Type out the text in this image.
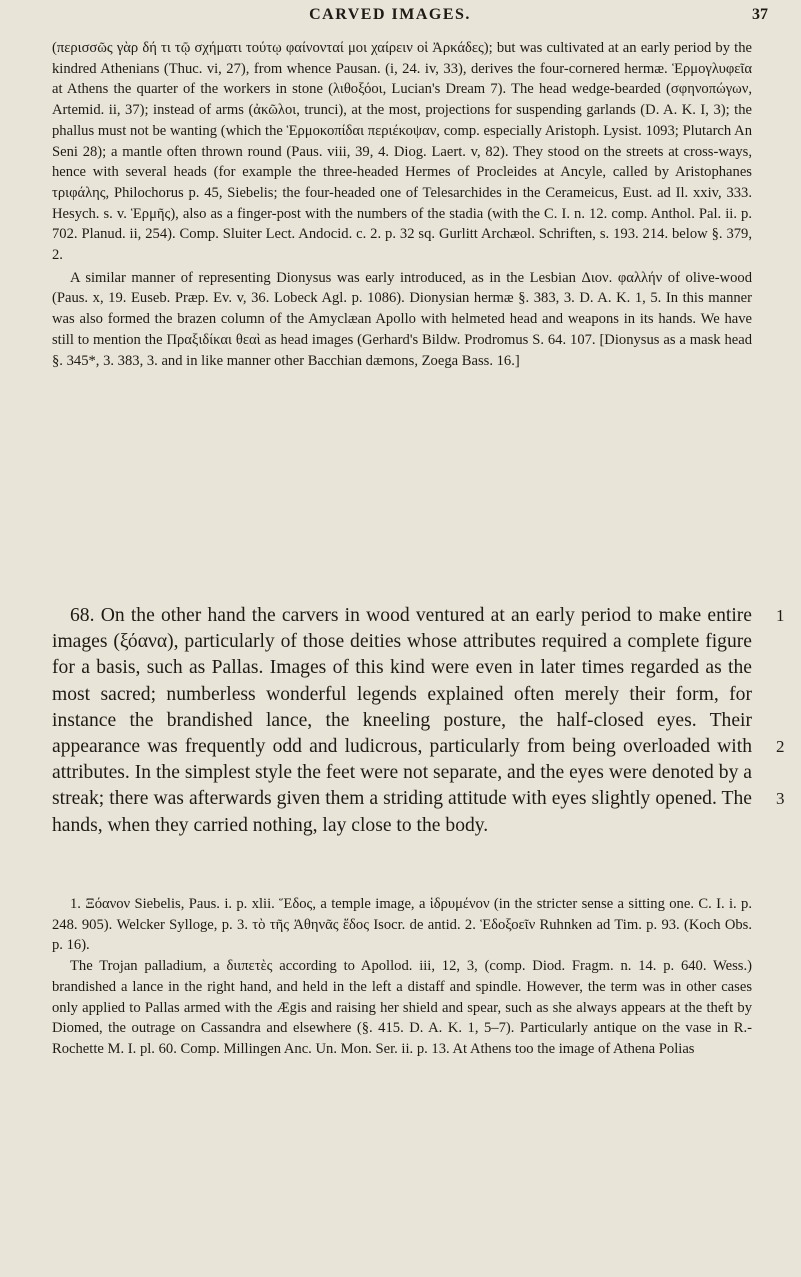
CARVED IMAGES.	37

(περισσῶς γὰρ δή τι τῷ σχήματι τούτῳ φαίνονταί μοι χαίρειν οἱ Ἀρκάδες); but was cultivated at an early period by the kindred Athenians (Thuc. vi, 27), from whence Pausan. (i, 24. iv, 33), derives the four-cornered hermæ. Ἑρμογλυφεῖα at Athens the quarter of the workers in stone (λιθοξόοι, Lucian's Dream 7). The head wedge-bearded (σφηνοπώγων, Artemid. ii, 37); instead of arms (ἀκῶλοι, trunci), at the most, projections for suspending garlands (D. A. K. I, 3); the phallus must not be wanting (which the Ἑρμοκοπίδαι περιέκοψαν, comp. especially Aristoph. Lysist. 1093; Plutarch An Seni 28); a mantle often thrown round (Paus. viii, 39, 4. Diog. Laert. v, 82). They stood on the streets at cross-ways, hence with several heads (for example the three-headed Hermes of Procleides at Ancyle, called by Aristophanes τριφάλης, Philochorus p. 45, Siebelis; the four-headed one of Telesarchides in the Cerameicus, Eust. ad Il. xxiv, 333. Hesych. s. v. Ἑρμῆς), also as a finger-post with the numbers of the stadia (with the C. I. n. 12. comp. Anthol. Pal. ii. p. 702. Planud. ii, 254). Comp. Sluiter Lect. Andocid. c. 2. p. 32 sq. Gurlitt Archæol. Schriften, s. 193. 214. below §. 379, 2.

A similar manner of representing Dionysus was early introduced, as in the Lesbian Διον. φαλλήν of olive-wood (Paus. x, 19. Euseb. Præp. Ev. v, 36. Lobeck Agl. p. 1086). Dionysian hermæ §. 383, 3. D. A. K. 1, 5. In this manner was also formed the brazen column of the Amyclæan Apollo with helmeted head and weapons in its hands. We have still to mention the Πραξιδίκαι θεαὶ as head images (Gerhard's Bildw. Prodromus S. 64. 107. [Dionysus as a mask head §. 345*, 3. 383, 3. and in like manner other Bacchian dæmons, Zoega Bass. 16.]

68. On the other hand the carvers in wood ventured at an early period to make entire images (ξόανα), particularly of those deities whose attributes required a complete figure for a basis, such as Pallas. Images of this kind were even in later times regarded as the most sacred; numberless wonderful legends explained often merely their form, for instance the brandished lance, the kneeling posture, the half-closed eyes. Their appearance was frequently odd and ludicrous, particularly from being overloaded with attributes. In the simplest style the feet were not separate, and the eyes were denoted by a streak; there was afterwards given them a striding attitude with eyes slightly opened. The hands, when they carried nothing, lay close to the body.

1
2
3

1. Ξόανον Siebelis, Paus. i. p. xlii. Ἕδος, a temple image, a ἱδρυμένον (in the stricter sense a sitting one. C. I. i. p. 248. 905). Welcker Sylloge, p. 3. τὸ τῆς Ἀθηνᾶς ἕδος Isocr. de antid. 2. Ἑδοξοεῖν Ruhnken ad Tim. p. 93. (Koch Obs. p. 16).

The Trojan palladium, a διιπετὲς according to Apollod. iii, 12, 3, (comp. Diod. Fragm. n. 14. p. 640. Wess.) brandished a lance in the right hand, and held in the left a distaff and spindle. However, the term was in other cases only applied to Pallas armed with the Ægis and raising her shield and spear, such as she always appears at the theft by Diomed, the outrage on Cassandra and elsewhere (§. 415. D. A. K. 1, 5–7). Particularly antique on the vase in R.-Rochette M. I. pl. 60. Comp. Millingen Anc. Un. Mon. Ser. ii. p. 13. At Athens too the image of Athena Polias
